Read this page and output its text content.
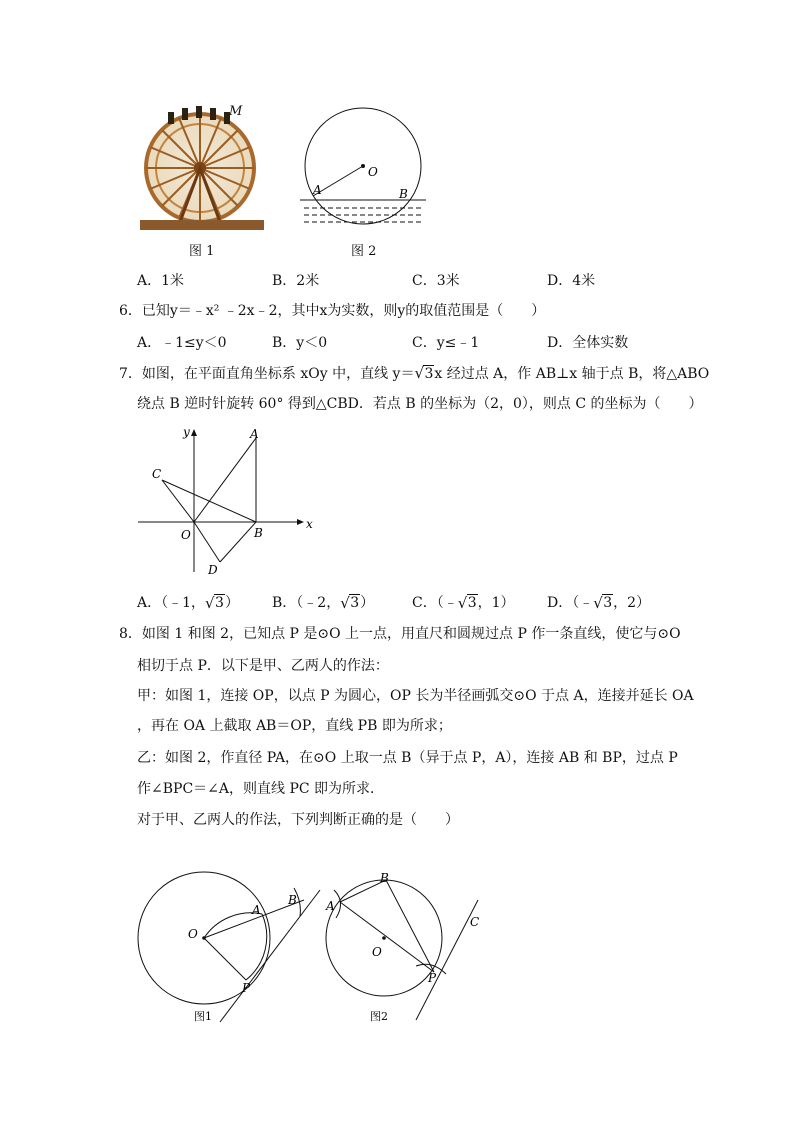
M
图 1
O
A	B
图 2
A．1米	B．2米	C．3米	D．4米
6．已知y＝﹣x² ﹣2x﹣2，其中x为实数，则y的取值范围是（　　）
A．﹣1≤y＜0	B．y＜0	C．y≤﹣1	D．全体实数
7．如图，在平面直角坐标系 xOy 中，直线 y＝ √ 3x 经过点 A，作 AB⊥x 轴于点 B，将△ABO
绕点 B 逆时针旋转 60° 得到△CBD．若点 B 的坐标为（2，0），则点 C 的坐标为（　　）
y
x
A
B
C
O
D
A．（﹣1， √ 3） B．（﹣2， √ 3）	C．（﹣ √ 3，1） D．（﹣ √ 3，2）
8．如图 1 和图 2，已知点 P 是⊙O 上一点，用直尺和圆规过点 P 作一条直线，使它与⊙O
相切于点 P．以下是甲、乙两人的作法：
甲：如图 1，连接 OP，以点 P 为圆心，OP 长为半径画弧交⊙O 于点 A，连接并延长 OA
，再在 OA 上截取 AB＝OP，直线 PB 即为所求；
乙：如图 2，作直径 PA，在⊙O 上取一点 B（异于点 P，A），连接 AB 和 BP，过点 P
作∠BPC＝∠A，则直线 PC 即为所求．
对于甲、乙两人的作法，下列判断正确的是（　　）
O
A
B
P
图1
A
B
C
O
P
图2
